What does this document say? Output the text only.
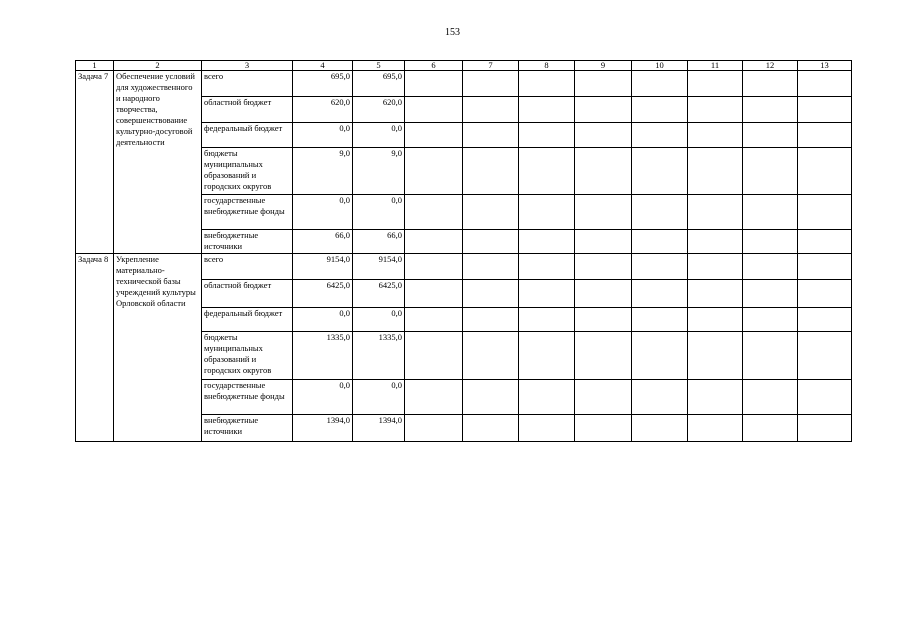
153
1	2	3	4	5	6	7	8	9	10	11	12	13
Задача 7	Обеспечение условий для художественного и народного творчества, совершенствование культурно-досуговой деятельности	всего	695,0	695,0								
		областной бюджет	620,0	620,0								
		федеральный бюджет	0,0	0,0								
		бюджеты муниципальных образований и городских округов	9,0	9,0								
		государственные внебюджетные фонды	0,0	0,0								
		внебюджетные источники	66,0	66,0								
Задача 8	Укрепление материально-технической базы учреждений культуры Орловской области	всего	9154,0	9154,0								
		областной бюджет	6425,0	6425,0								
		федеральный бюджет	0,0	0,0								
		бюджеты муниципальных образований и городских округов	1335,0	1335,0								
		государственные внебюджетные фонды	0,0	0,0								
		внебюджетные источники	1394,0	1394,0								
